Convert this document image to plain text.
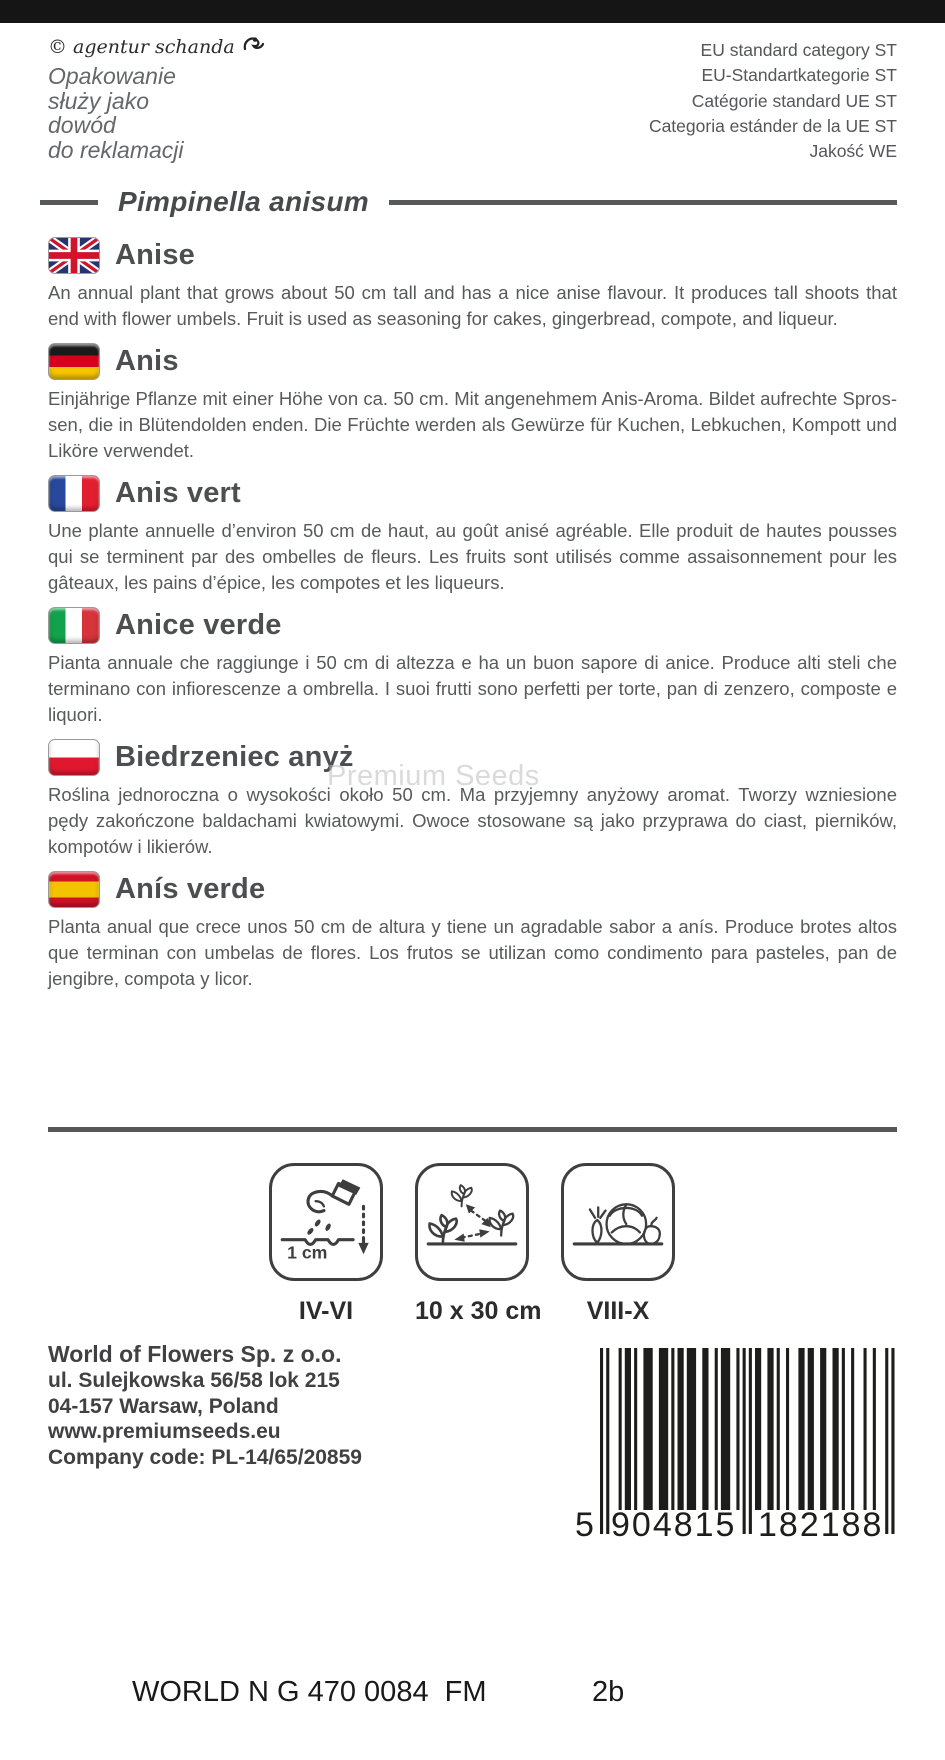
© agentur schanda
Opakowanie
służy jako
dowód
do reklamacji
EU standard category ST
EU-Standartkategorie ST
Catégorie standard UE ST
Categoria estánder de la UE ST
Jakość WE
Pimpinella anisum
Anise

An annual plant that grows about 50 cm tall and has a nice anise flavour. It produces tall shoots that end with flower umbels. Fruit is used as seasoning for cakes, gingerbread, compote, and liqueur.

Anis

Einjährige Pflanze mit einer Höhe von ca. 50 cm. Mit angenehmem Anis-Aroma. Bildet aufrechte Sprossen, die in Blütendolden enden. Die Früchte werden als Gewürze für Kuchen, Lebkuchen, Kompott und Liköre verwendet.

Anis vert

Une plante annuelle d’environ 50 cm de haut, au goût anisé agréable. Elle produit de hautes pousses qui se terminent par des ombelles de fleurs. Les fruits sont utilisés comme assaisonnement pour les gâteaux, les pains d’épice, les compotes et les liqueurs.

Anice verde

Pianta annuale che raggiunge i 50 cm di altezza e ha un buon sapore di anice. Produce alti steli che terminano con infiorescenze a ombrella. I suoi frutti sono perfetti per torte, pan di zenzero, composte e liquori.

Biedrzeniec anyż

Roślina jednoroczna o wysokości około 50 cm. Ma przyjemny anyżowy aromat. Tworzy wzniesione pędy zakończone baldachami kwiatowymi. Owoce stosowane są jako przyprawa do ciast, pierników, kompotów i likierów.

Anís verde

Planta anual que crece unos 50 cm de altura y tiene un agradable sabor a anís. Produce brotes altos que terminan con umbelas de flores. Los frutos se utilizan como condimento para pasteles, pan de jengibre, compota y licor.

Premium Seeds
1 cm
IV-VI	10 x 30 cm	VIII-X
World of Flowers Sp. z o.o.
ul. Sulejkowska 56/58 lok 215
04-157 Warsaw, Poland
www.premiumseeds.eu
Company code: PL-14/65/20859
5 904815 182188
WORLD N G 470 0084  FM	2b
